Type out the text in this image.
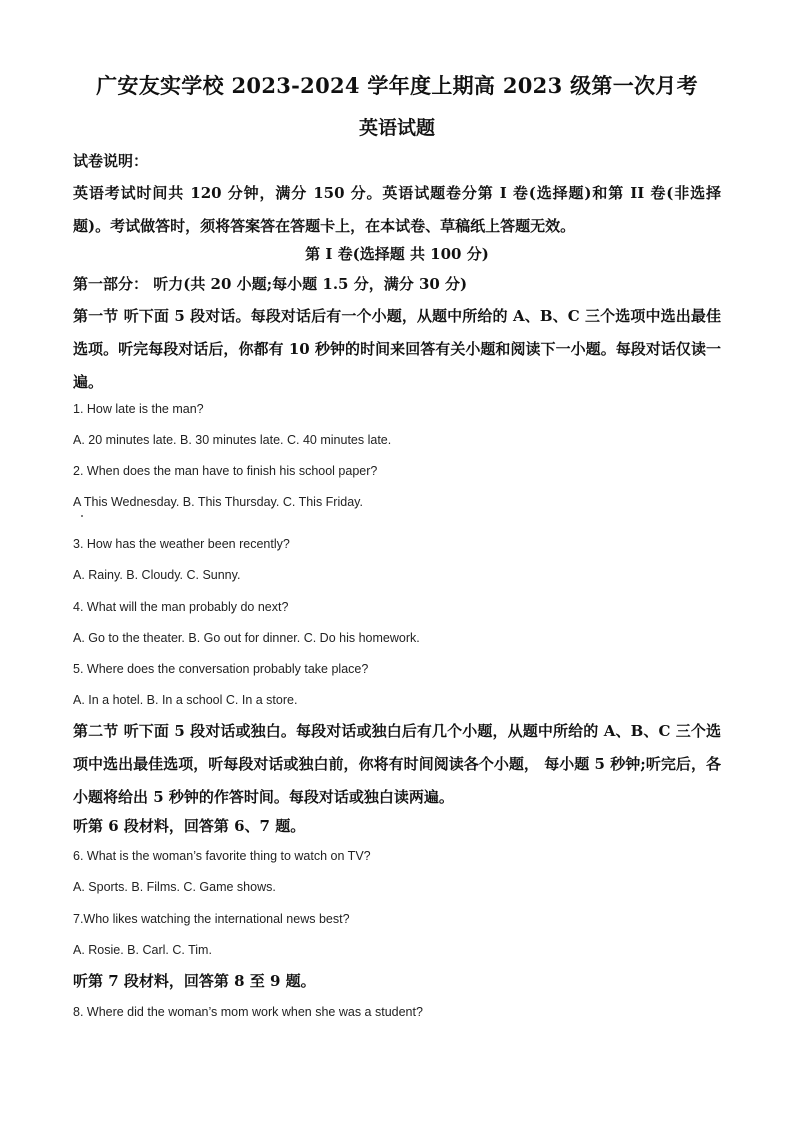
广安友实学校 2023-2024 学年度上期高 2023 级第一次月考
英语试题

试卷说明：

英语考试时间共 120 分钟，满分 150 分。英语试题卷分第 I 卷(选择题)和第 II 卷(非选择题)。考试做答时，须将答案答在答题卡上，在本试卷、草稿纸上答题无效。

第 I 卷(选择题 共 100 分)

第一部分： 听力(共 20 小题;每小题 1.5 分，满分 30 分)

第一节 听下面 5 段对话。每段对话后有一个小题，从题中所给的 A、B、C 三个选项中选出最佳选项。听完每段对话后，你都有 10 秒钟的时间来回答有关小题和阅读下一小题。每段对话仅读一遍。

1. How late is the man?

A. 20 minutes late. B. 30 minutes late. C. 40 minutes late.

2. When does the man have to finish his school paper?

A This Wednesday. B. This Thursday. C. This Friday.

3. How has the weather been recently?

A. Rainy. B. Cloudy. C. Sunny.

4. What will the man probably do next?

A. Go to the theater. B. Go out for dinner. C. Do his homework.

5. Where does the conversation probably take place?

A. In a hotel. B. In a school C. In a store.

第二节 听下面 5 段对话或独白。每段对话或独白后有几个小题，从题中所给的 A、B、C 三个选项中选出最佳选项，听每段对话或独白前，你将有时间阅读各个小题， 每小题 5 秒钟;听完后，各小题将给出 5 秒钟的作答时间。每段对话或独白读两遍。

听第 6 段材料，回答第 6、7 题。

6. What is the woman’s favorite thing to watch on TV?

A. Sports. B. Films. C. Game shows.

7.Who likes watching the international news best?

A. Rosie. B. Carl. C. Tim.

听第 7 段材料，回答第 8 至 9 题。

8. Where did the woman’s mom work when she was a student?
